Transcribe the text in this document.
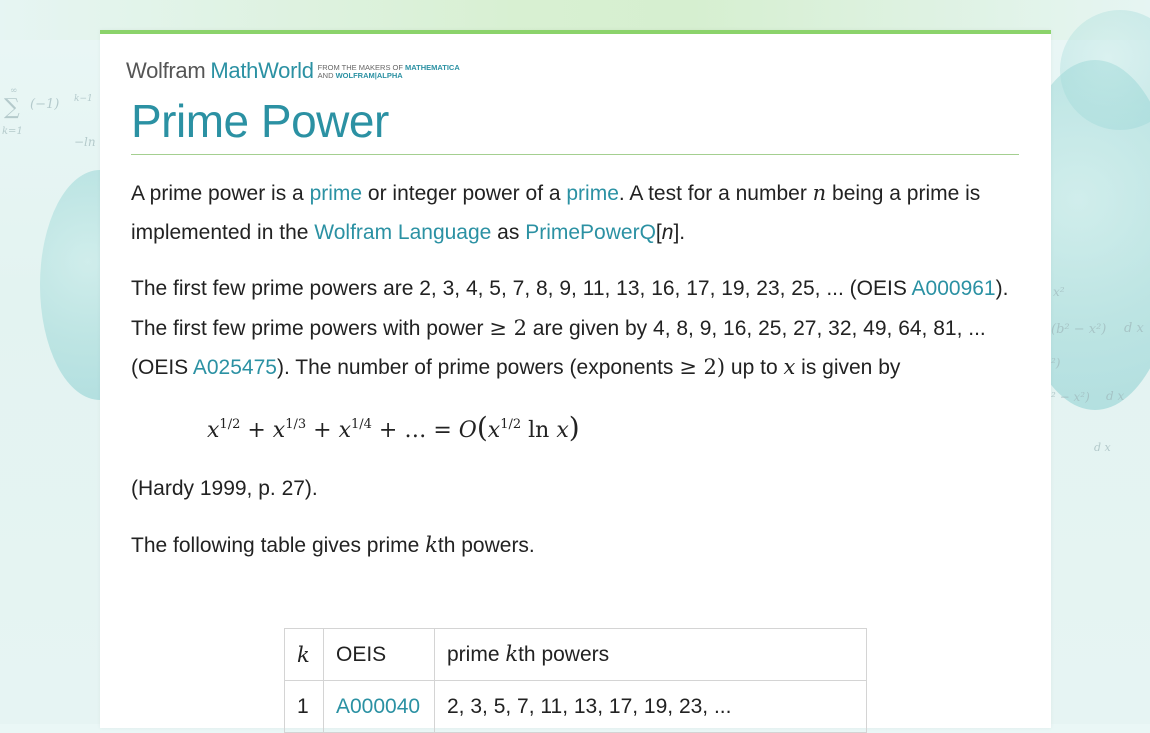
∑ (−1) k−1
k=1
∞
−ln
x²
(b² − x²) d x
²)
² − x²) d x
d x
Wolfram MathWorld FROM THE MAKERS OF MATHEMATICA
AND WOLFRAM|ALPHA
Prime Power

A prime power is a prime or integer power of a prime. A test for a number n being a prime is implemented in the Wolfram Language as PrimePowerQ[n].

The first few prime powers are 2, 3, 4, 5, 7, 8, 9, 11, 13, 16, 17, 19, 23, 25, ... (OEIS A000961). The first few prime powers with power ≥ 2 are given by 4, 8, 9, 16, 25, 27, 32, 49, 64, 81, ... (OEIS A025475). The number of prime powers (exponents ≥ 2) up to x is given by

$x^{1/2} + x^{1/3} + x^{1/4}$ + … = $O(x^{1/2}$ ln x)

(Hardy 1999, p. 27).

The following table gives prime kth powers.

k	OEIS	prime kth powers
1	A000040	2, 3, 5, 7, 11, 13, 17, 19, 23, ...
